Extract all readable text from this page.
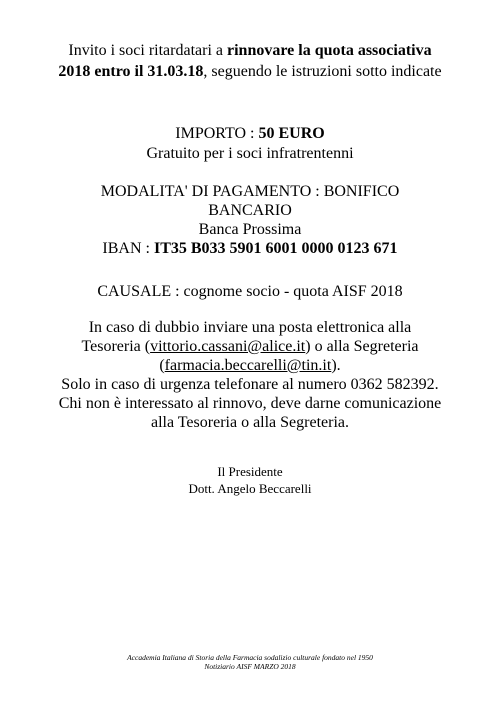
Invito i soci ritardatari a rinnovare la quota associativa
2018 entro il 31.03.18, seguendo le istruzioni sotto indicate
IMPORTO : 50 EURO
Gratuito per i soci infratrentenni
MODALITA' DI PAGAMENTO : BONIFICO
BANCARIO
Banca Prossima
IBAN : IT35 B033 5901 6001 0000 0123 671
CAUSALE : cognome socio - quota AISF 2018
In caso di dubbio inviare una posta elettronica alla
Tesoreria (vittorio.cassani@alice.it) o alla Segreteria
(farmacia.beccarelli@tin.it).
Solo in caso di urgenza telefonare al numero 0362 582392.
Chi non è interessato al rinnovo, deve darne comunicazione
alla Tesoreria o alla Segreteria.
Il Presidente
Dott. Angelo Beccarelli
Accademia Italiana di Storia della Farmacia sodalizio culturale fondato nel 1950
Notiziario AISF MARZO 2018
